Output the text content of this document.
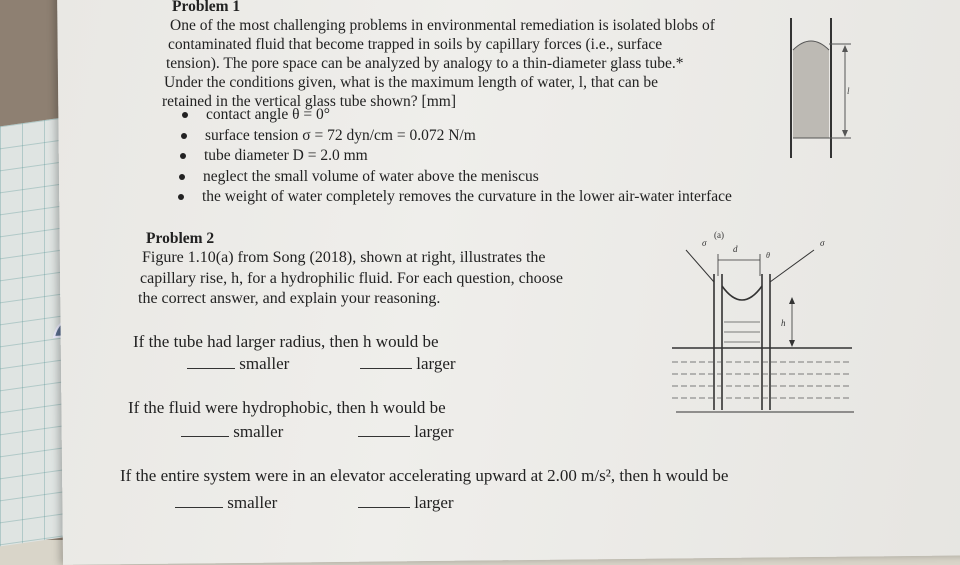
Problem 1
One of the most challenging problems in environmental remediation is isolated blobs of
contaminated fluid that become trapped in soils by capillary forces (i.e., surface
tension). The pore space can be analyzed by analogy to a thin-diameter glass tube.*
Under the conditions given, what is the maximum length of water, l, that can be
retained in the vertical glass tube shown? [mm]
contact angle θ = 0°
surface tension σ = 72 dyn/cm = 0.072 N/m
tube diameter D = 2.0 mm
neglect the small volume of water above the meniscus
the weight of water completely removes the curvature in the lower air-water interface
l
Problem 2
Figure 1.10(a) from Song (2018), shown at right, illustrates the
capillary rise, h, for a hydrophilic fluid. For each question, choose
the correct answer, and explain your reasoning.
(a)
σ	σ
d
θ
h
If the tube had larger radius, then h would be
smaller	larger
If the fluid were hydrophobic, then h would be
smaller	larger
If the entire system were in an elevator accelerating upward at 2.00 m/s², then h would be
smaller	larger
